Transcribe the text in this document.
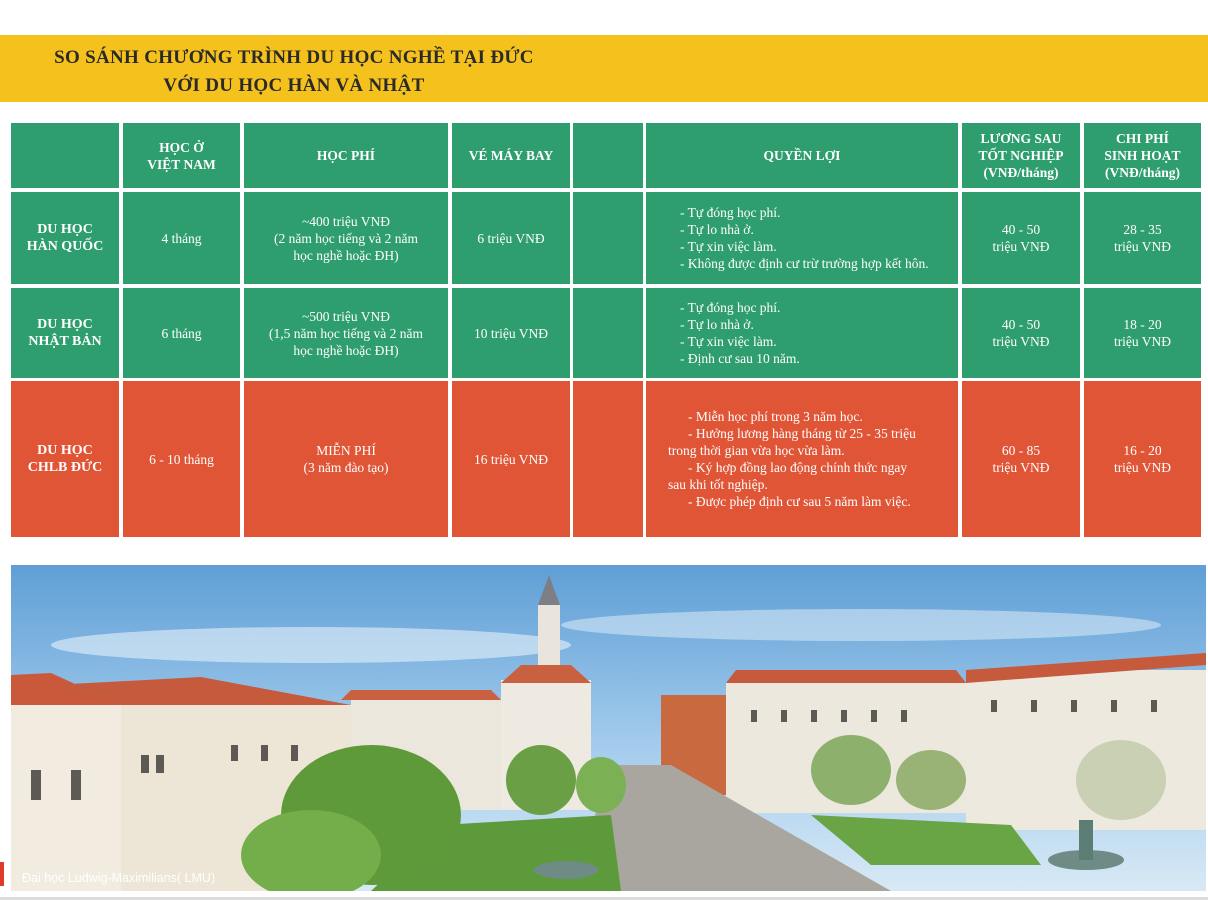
SO SÁNH CHƯƠNG TRÌNH DU HỌC NGHỀ TẠI ĐỨC
VỚI DU HỌC HÀN VÀ NHẬT
HỌC Ở
VIỆT NAM
HỌC PHÍ	VÉ MÁY BAY	QUYỀN LỢI
LƯƠNG SAU
TỐT NGHIỆP
(VNĐ/tháng)
CHI PHÍ
SINH HOẠT
(VNĐ/tháng)
DU HỌC
HÀN QUỐC
4 tháng
~400 triệu VNĐ
(2 năm học tiếng và 2 năm
học nghề hoặc ĐH)
6 triệu VNĐ
- Tự đóng học phí.
- Tự lo nhà ở.
- Tự xin việc làm.
- Không được định cư trừ trường hợp kết hôn.
40 - 50
triệu VNĐ
28 - 35
triệu VNĐ
DU HỌC
NHẬT BẢN
6 tháng
~500 triệu VNĐ
(1,5 năm học tiếng và 2 năm
học nghề hoặc ĐH)
10 triệu VNĐ
- Tự đóng học phí.
- Tự lo nhà ở.
- Tự xin việc làm.
- Định cư sau 10 năm.
40 - 50
triệu VNĐ
18 - 20
triệu VNĐ
DU HỌC
CHLB ĐỨC
6 - 10 tháng
MIỄN PHÍ
(3 năm đào tạo)
16 triệu VNĐ
- Miễn học phí trong 3 năm học.
- Hưởng lương hàng tháng từ 25 - 35 triệu
trong thời gian vừa học vừa làm.
- Ký hợp đồng lao động chính thức ngay
sau khi tốt nghiệp.
- Được phép định cư sau 5 năm làm việc.
60 - 85
triệu VNĐ
16 - 20
triệu VNĐ
Đại học Ludwig-Maximilians( LMU)
